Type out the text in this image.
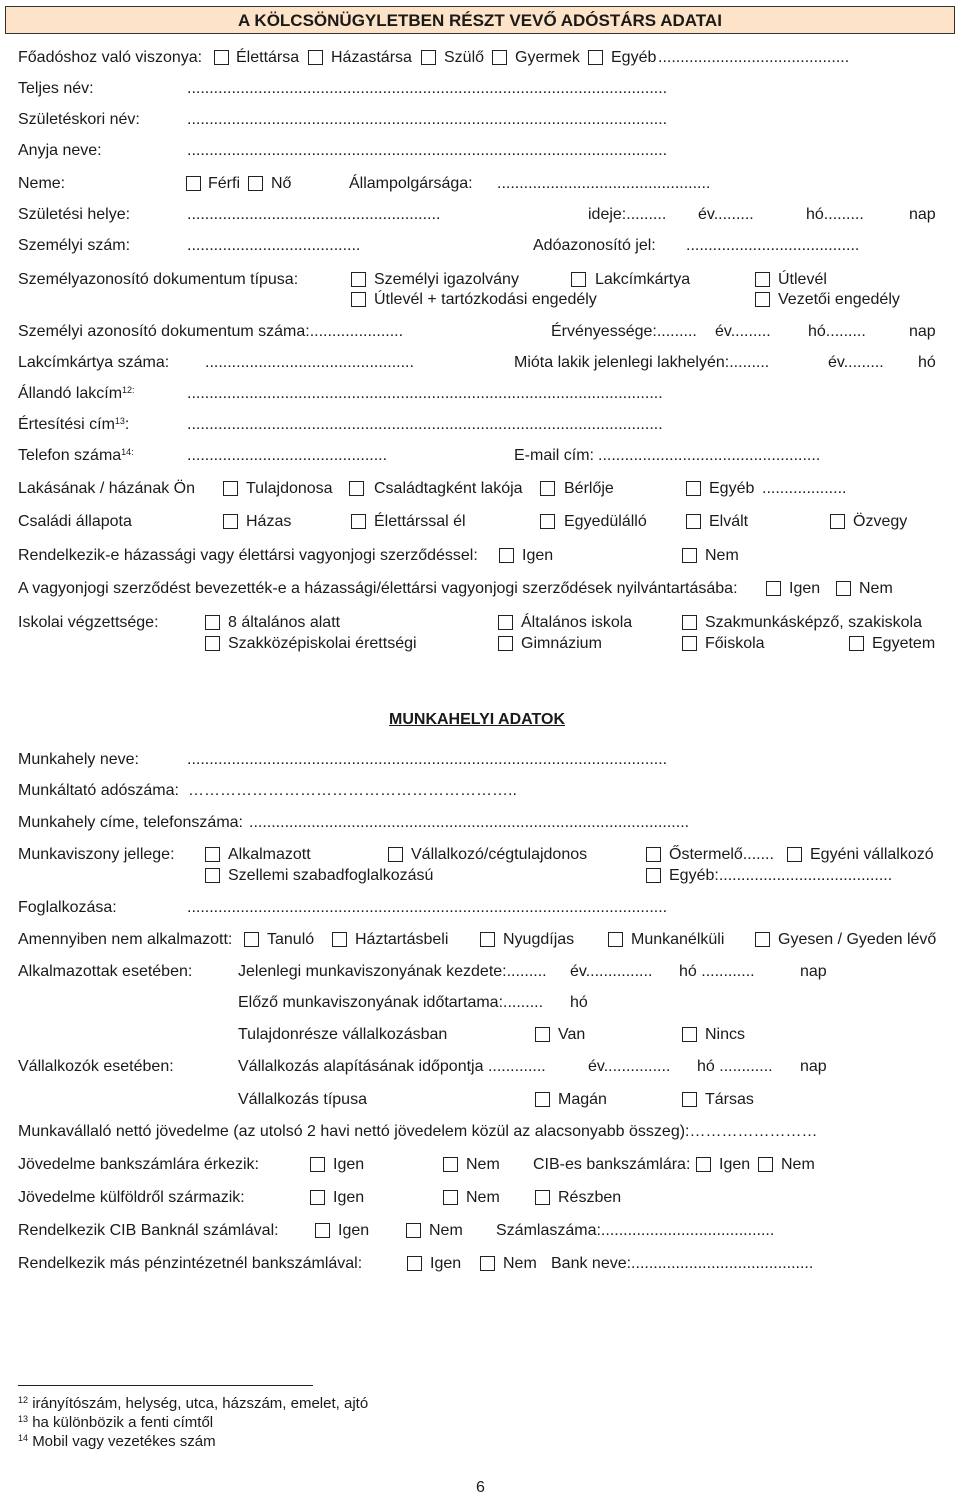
A KÖLCSÖNÜGYLETBEN RÉSZT VEVŐ ADÓSTÁRS ADATAI
Főadóshoz való viszonya: Élettársa Házastársa Szülő Gyermek Egyéb ...........................................
Teljes név:	............................................................................................................
Születéskori név:	............................................................................................................
Anyja neve:	............................................................................................................
Neme:	Férfi Nő	Állampolgársága: ................................................
Születési helye:	.........................................................	ideje:......... év.........	hó.........	nap
Személyi szám:	.......................................	Adóazonosító jel: .......................................
Személyazonosító dokumentum típusa:	Személyi igazolvány	Lakcímkártya	Útlevél
Útlevél + tartózkodási engedély	Vezetői engedély
Személyi azonosító dokumentum száma:.....................	Érvényessége:......... év......... hó.........	nap
Lakcímkártya száma: ...............................................	Mióta lakik jelenlegi lakhelyén:.........	év......... hó
Állandó lakcím$^{12:}$	...........................................................................................................
Értesítési cím$^{13}$:	...........................................................................................................
Telefon száma$^{14:}$	.............................................	E-mail cím: ..................................................
Lakásának / házának Ön	Tulajdonosa	Családtagként lakója	Bérlője	Egyéb ...................
Családi állapota	Házas	Élettárssal él	Egyedülálló	Elvált	Özvegy
Rendelkezik-e házassági vagy élettársi vagyonjogi szerződéssel:	Igen	Nem
A vagyonjogi szerződést bevezették-e a házassági/élettársi vagyonjogi szerződések nyilvántartásába:	Igen Nem
Iskolai végzettsége:	8 általános alatt	Általános iskola	Szakmunkásképző, szakiskola
Szakközépiskolai érettségi	Gimnázium	Főiskola	Egyetem
MUNKAHELYI ADATOK
Munkahely neve:	............................................................................................................
Munkáltató adószáma: ……………………………………………………..
Munkahely címe, telefonszáma: ...................................................................................................
Munkaviszony jellege:	Alkalmazott	Vállalkozó/cégtulajdonos	Őstermelő....... Egyéni vállalkozó
Szellemi szabadfoglalkozású	Egyéb:.......................................
Foglalkozása:	............................................................................................................
Amennyiben nem alkalmazott: Tanuló	Háztartásbeli	Nyugdíjas	Munkanélküli	Gyesen / Gyeden lévő
Alkalmazottak esetében:	Jelenlegi munkaviszonyának kezdete:......... év............... hó ............	nap
Előző munkaviszonyának időtartama:......... hó
Tulajdonrésze vállalkozásban	Van	Nincs
Vállalkozók esetében:	Vállalkozás alapításának időpontja .............	év............... hó ............ nap
Vállalkozás típusa	Magán	Társas
Munkavállaló nettó jövedelme (az utolsó 2 havi nettó jövedelem közül az alacsonyabb összeg):……………………
Jövedelme bankszámlára érkezik:	Igen	Nem CIB-es bankszámlára: Igen Nem
Jövedelme külföldről származik:	Igen	Nem	Részben
Rendelkezik CIB Banknál számlával:	Igen	Nem Számlaszáma:.......................................
Rendelkezik más pénzintézetnél bankszámlával:	Igen	Nem Bank neve:.........................................
$^{12}$ irányítószám, helység, utca, házszám, emelet, ajtó
$^{13}$ ha különbözik a fenti címtől
$^{14}$ Mobil vagy vezetékes szám
6
